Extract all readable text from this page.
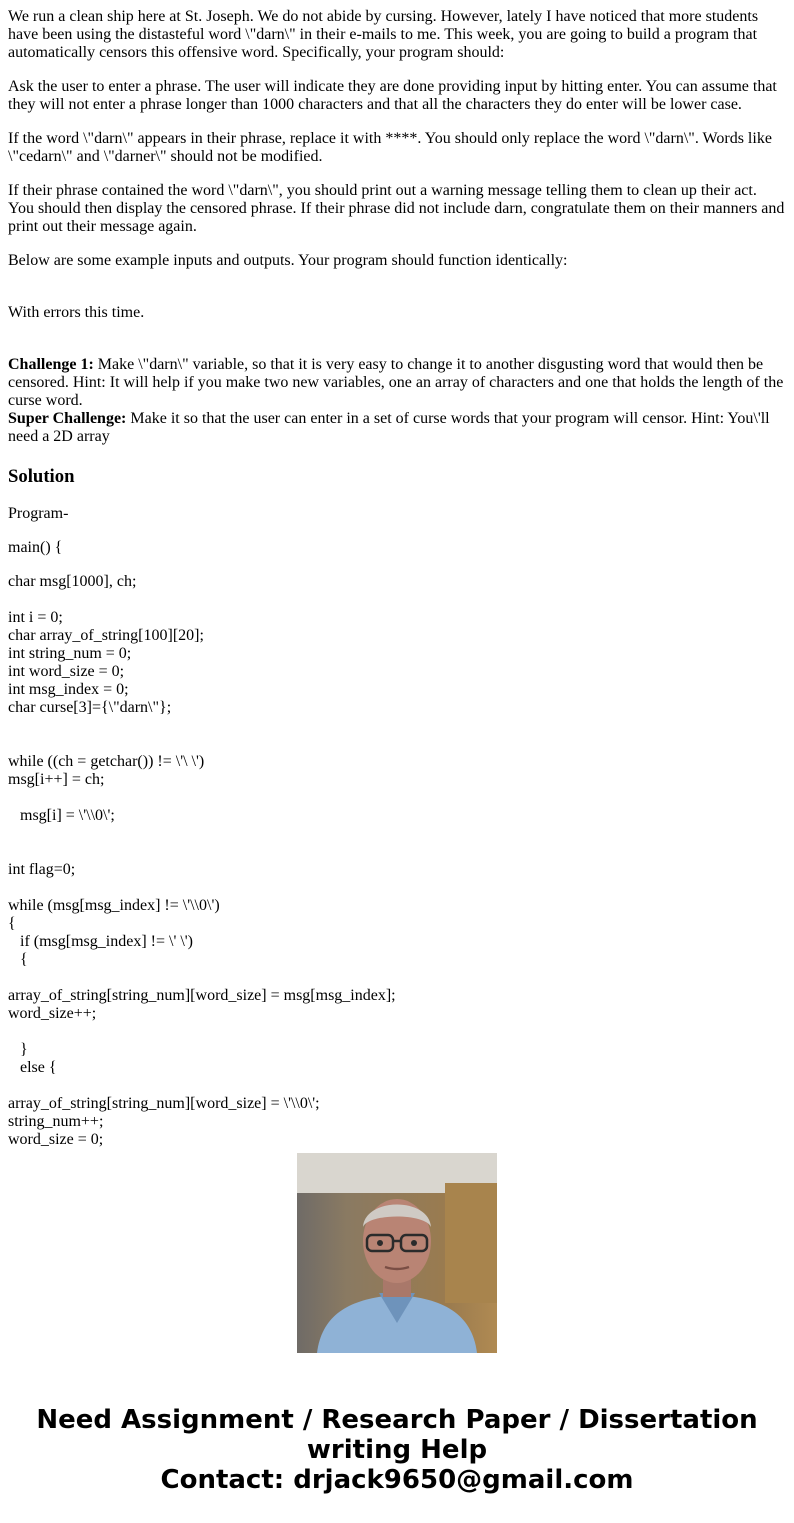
We run a clean ship here at St. Joseph. We do not abide by cursing. However, lately I have noticed that more students have been using the distasteful word \"darn\" in their e-mails to me. This week, you are going to build a program that automatically censors this offensive word. Specifically, your program should:

Ask the user to enter a phrase. The user will indicate they are done providing input by hitting enter. You can assume that they will not enter a phrase longer than 1000 characters and that all the characters they do enter will be lower case.

If the word \"darn\" appears in their phrase, replace it with ****. You should only replace the word \"darn\". Words like \"cedarn\" and \"darner\" should not be modified.

If their phrase contained the word \"darn\", you should print out a warning message telling them to clean up their act. You should then display the censored phrase. If their phrase did not include darn, congratulate them on their manners and print out their message again.

Below are some example inputs and outputs. Your program should function identically:

With errors this time.

Challenge 1: Make \"darn\" variable, so that it is very easy to change it to another disgusting word that would then be censored. Hint: It will help if you make two new variables, one an array of characters and one that holds the length of the curse word.

Super Challenge: Make it so that the user can enter in a set of curse words that your program will censor. Hint: You\'ll need a 2D array

Solution

Program-

main() {

char msg[1000], ch;
int i = 0;
char array_of_string[100][20];
int string_num = 0;
int word_size = 0;
int msg_index = 0;
char curse[3]={\"darn\"};
while ((ch = getchar()) != \'\ \')
msg[i++] = ch;
msg[i] = \'\\0\';
int flag=0;
while (msg[msg_index] != \'\\0\')
{
if (msg[msg_index] != \' \')
{
array_of_string[string_num][word_size] = msg[msg_index];
word_size++;
}
else {
array_of_string[string_num][word_size] = \'\\0\';
string_num++;
word_size = 0;
Need Assignment / Research Paper / Dissertation
writing Help
Contact: drjack9650@gmail.com
